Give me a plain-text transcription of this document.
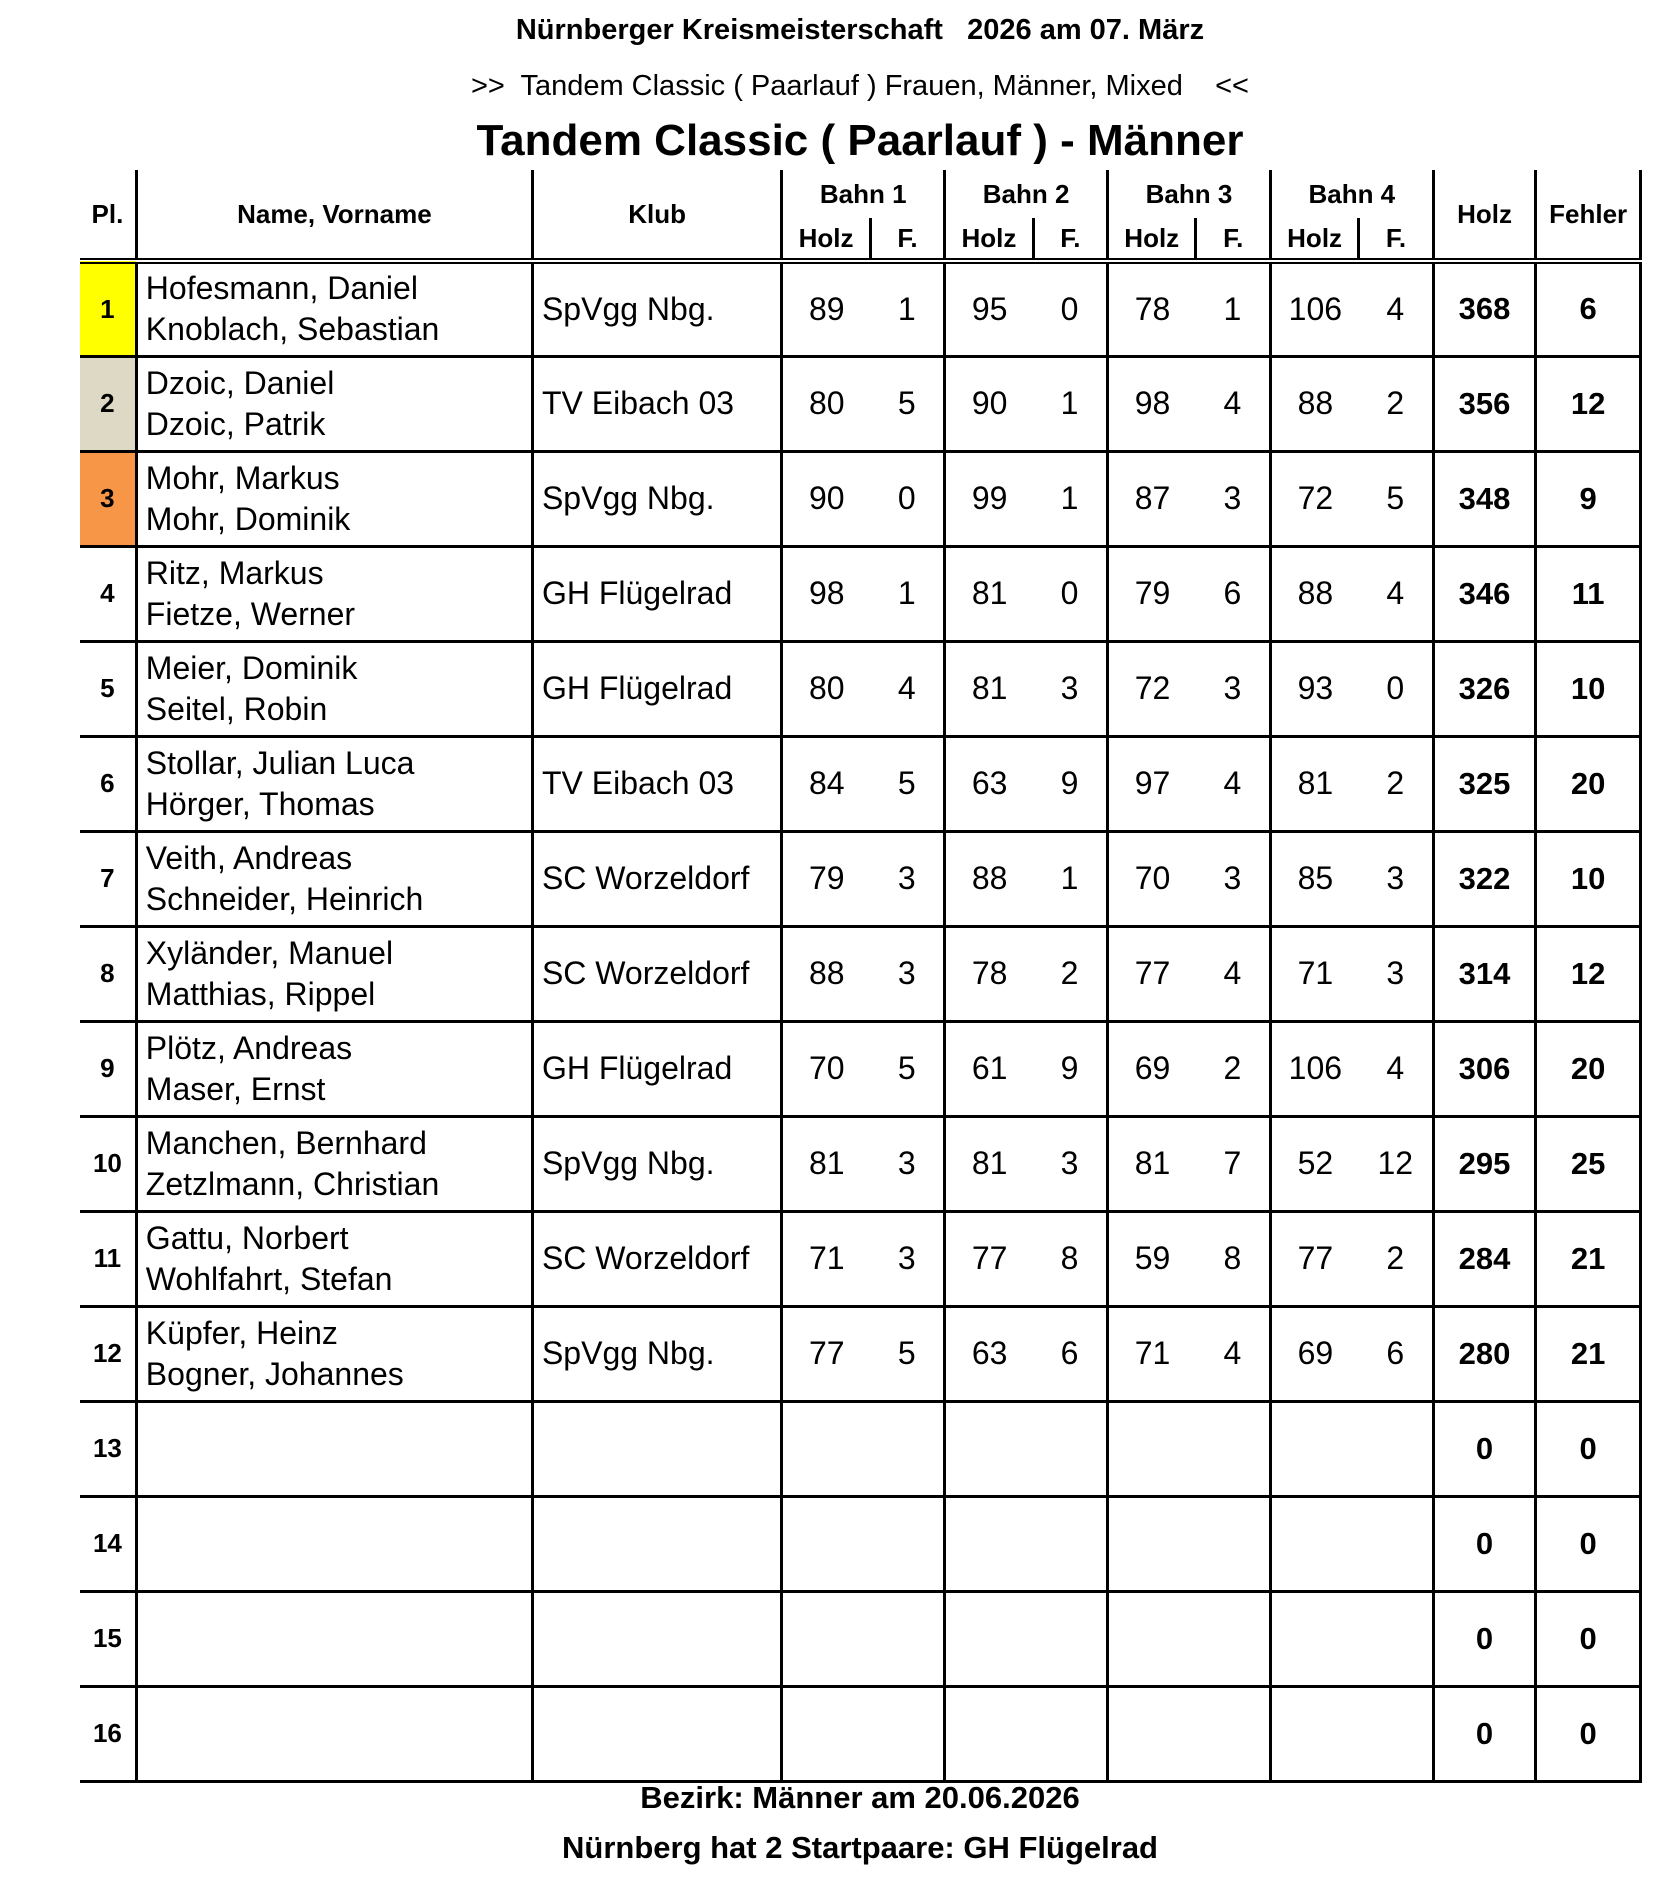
Nürnberger Kreismeisterschaft   2026 am 07. März
>>  Tandem Classic ( Paarlauf ) Frauen, Männer, Mixed    <<
Tandem Classic ( Paarlauf ) - Männer
Pl.	Name, Vorname	Klub	Bahn 1		Bahn 2		Bahn 3		Bahn 4		Holz	Fehler
			Holz	F.	Holz	F.	Holz	F.	Holz	F.		
1	Hofesmann, Daniel
Knoblach, Sebastian	SpVgg Nbg.	89	1	95	0	78	1	106	4	368	6
2	Dzoic, Daniel
Dzoic, Patrik	TV Eibach 03	80	5	90	1	98	4	88	2	356	12
3	Mohr, Markus
Mohr, Dominik	SpVgg Nbg.	90	0	99	1	87	3	72	5	348	9
4	Ritz, Markus
Fietze, Werner	GH Flügelrad	98	1	81	0	79	6	88	4	346	11
5	Meier, Dominik
Seitel, Robin	GH Flügelrad	80	4	81	3	72	3	93	0	326	10
6	Stollar, Julian Luca
Hörger, Thomas	TV Eibach 03	84	5	63	9	97	4	81	2	325	20
7	Veith, Andreas
Schneider, Heinrich	SC Worzeldorf	79	3	88	1	70	3	85	3	322	10
8	Xyländer, Manuel
Matthias, Rippel	SC Worzeldorf	88	3	78	2	77	4	71	3	314	12
9	Plötz, Andreas
Maser, Ernst	GH Flügelrad	70	5	61	9	69	2	106	4	306	20
10	Manchen, Bernhard
Zetzlmann, Christian	SpVgg Nbg.	81	3	81	3	81	7	52	12	295	25
11	Gattu, Norbert
Wohlfahrt, Stefan	SC Worzeldorf	71	3	77	8	59	8	77	2	284	21
12	Küpfer, Heinz
Bogner, Johannes	SpVgg Nbg.	77	5	63	6	71	4	69	6	280	21
13											0	0
14											0	0
15											0	0
16											0	0
Bezirk: Männer am 20.06.2026
Nürnberg hat 2 Startpaare: GH Flügelrad
